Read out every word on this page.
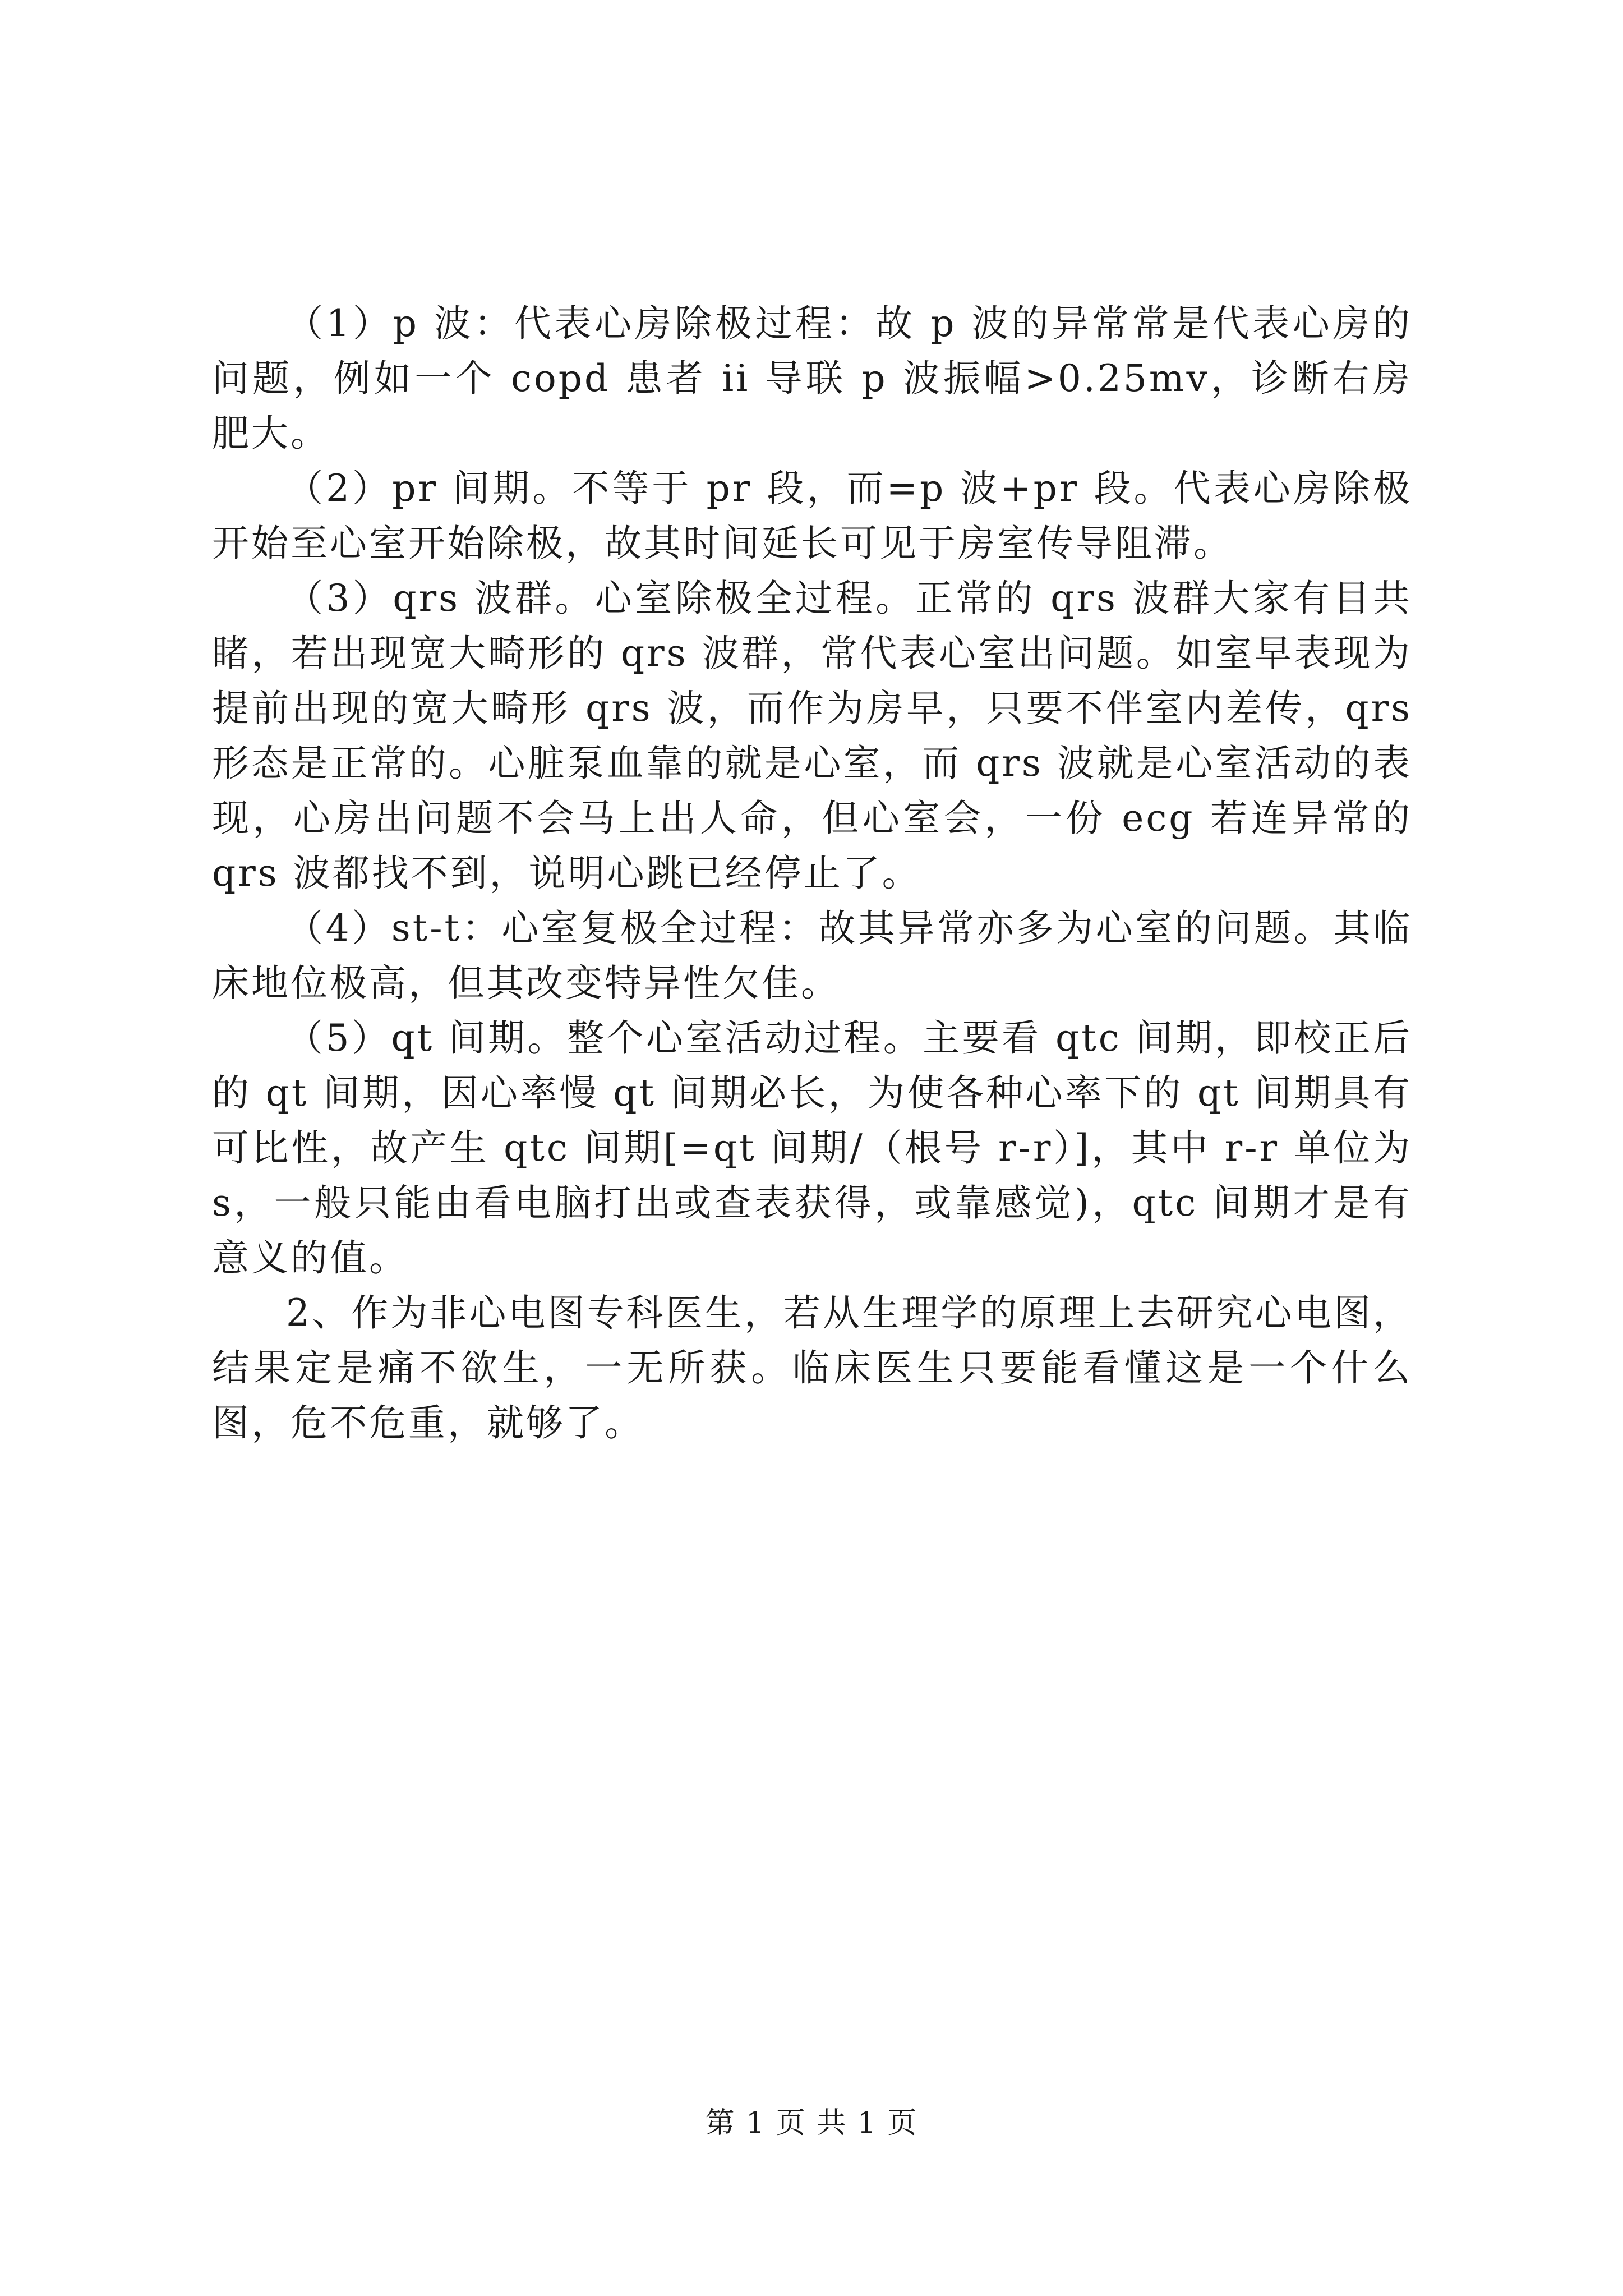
（1）p 波：代表心房除极过程：故 p 波的异常常是代表心房的问题，例如一个 copd 患者 ii 导联 p 波振幅>0.25mv，诊断右房肥大。

（2）pr 间期。不等于 pr 段，而=p 波+pr 段。代表心房除极开始至心室开始除极，故其时间延长可见于房室传导阻滞。

（3）qrs 波群。心室除极全过程。正常的 qrs 波群大家有目共睹，若出现宽大畸形的 qrs 波群，常代表心室出问题。如室早表现为提前出现的宽大畸形 qrs 波，而作为房早，只要不伴室内差传，qrs 形态是正常的。心脏泵血靠的就是心室，而 qrs 波就是心室活动的表现，心房出问题不会马上出人命，但心室会，一份 ecg 若连异常的 qrs 波都找不到，说明心跳已经停止了。

（4）st-t：心室复极全过程：故其异常亦多为心室的问题。其临床地位极高，但其改变特异性欠佳。

（5）qt 间期。整个心室活动过程。主要看 qtc 间期，即校正后的 qt 间期，因心率慢 qt 间期必长，为使各种心率下的 qt 间期具有可比性，故产生 qtc 间期[=qt 间期/（根号 r-r）]，其中 r-r 单位为 s，一般只能由看电脑打出或查表获得，或靠感觉)，qtc 间期才是有意义的值。

2、作为非心电图专科医生，若从生理学的原理上去研究心电图，结果定是痛不欲生，一无所获。临床医生只要能看懂这是一个什么图，危不危重，就够了。

第 1 页 共 1 页
